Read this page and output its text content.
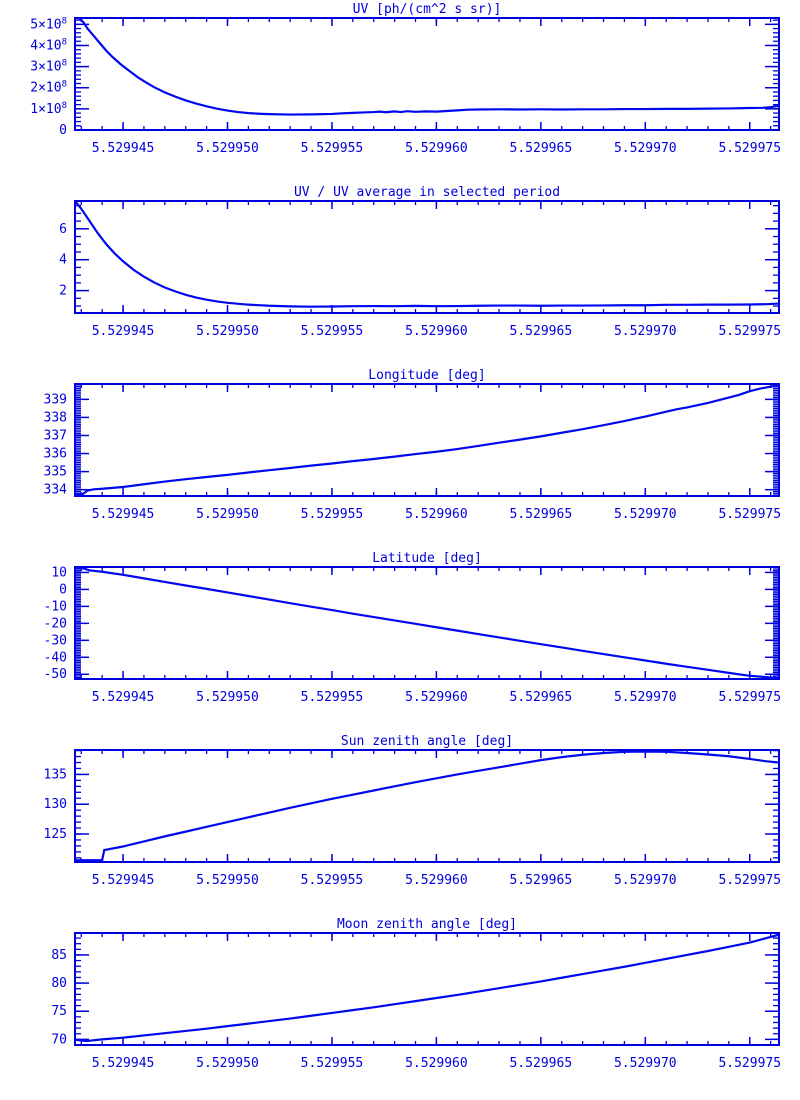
UV [ph/(cm^2 s sr)]
5.529945	5.529950	5.529955	5.529960	5.529965	5.529970	5.529975
0
$1\times 10^8$
$2\times 10^8$
$3\times 10^8$
$4\times 10^8$
$5\times 10^8$
UV / UV average in selected period
5.529945	5.529950	5.529955	5.529960	5.529965	5.529970	5.529975
2
4
6
Longitude [deg]
5.529945	5.529950	5.529955	5.529960	5.529965	5.529970	5.529975
334
335
336
337
338
339
Latitude [deg]
5.529945	5.529950	5.529955	5.529960	5.529965	5.529970	5.529975
-50
-40
-30
-20
-10
0
10
Sun zenith angle [deg]
5.529945	5.529950	5.529955	5.529960	5.529965	5.529970	5.529975
125
130
135
Moon zenith angle [deg]
5.529945	5.529950	5.529955	5.529960	5.529965	5.529970	5.529975
70
75
80
85
